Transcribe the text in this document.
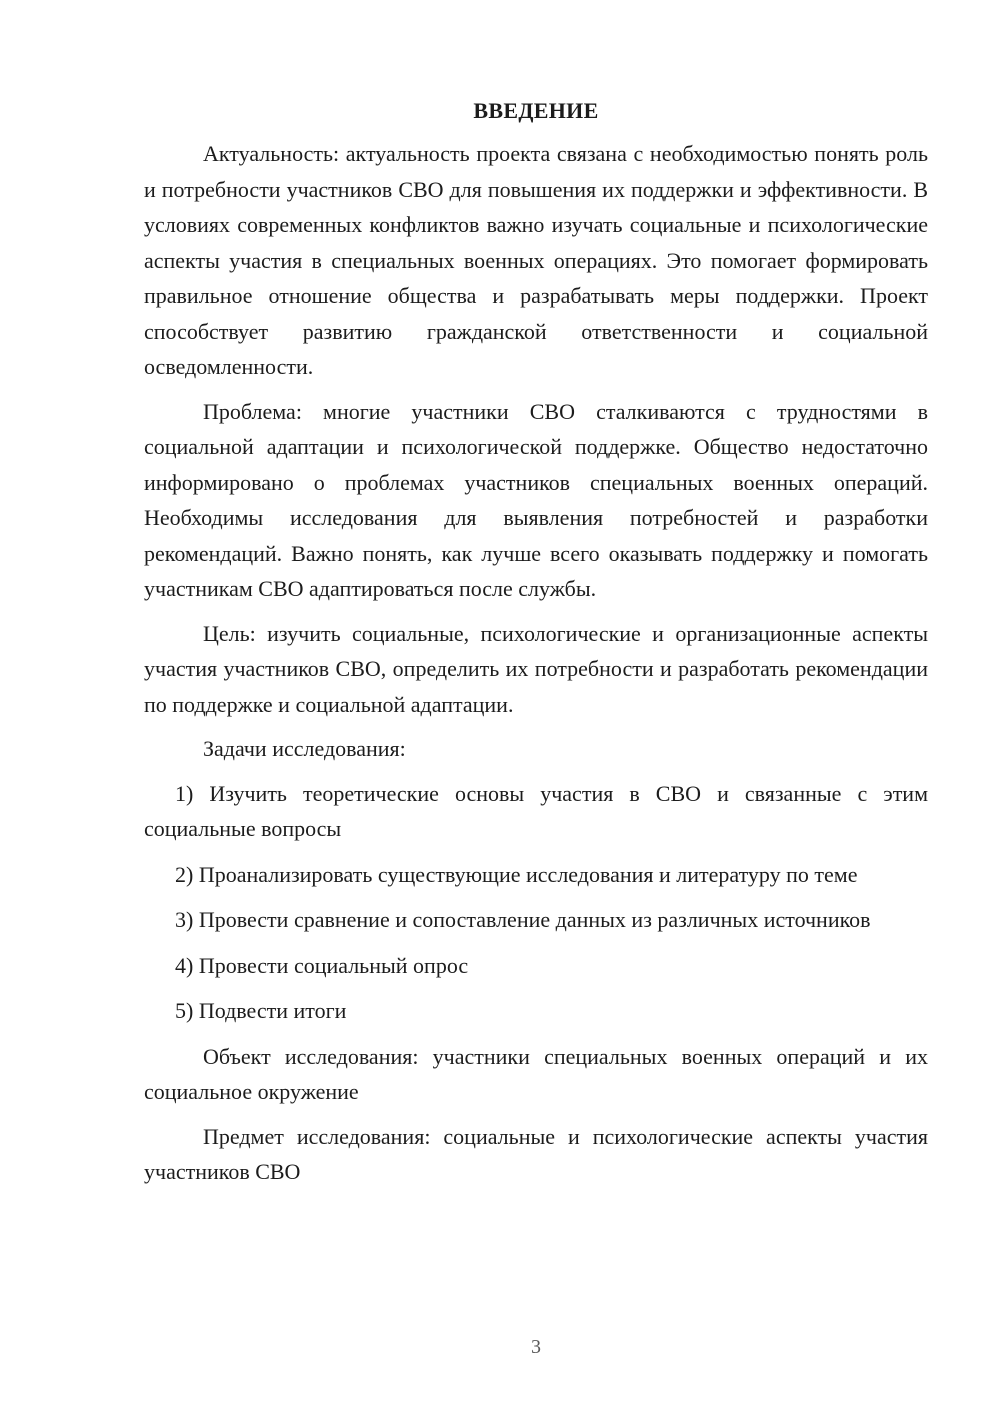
ВВЕДЕНИЕ

Актуальность: актуальность проекта связана с необходимостью понять роль и потребности участников СВО для повышения их поддержки и эффективности. В условиях современных конфликтов важно изучать социальные и психологические аспекты участия в специальных военных операциях. Это помогает формировать правильное отношение общества и разрабатывать меры поддержки. Проект способствует развитию гражданской ответственности и социальной осведомленности.

Проблема: многие участники СВО сталкиваются с трудностями в социальной адаптации и психологической поддержке. Общество недостаточно информировано о проблемах участников специальных военных операций. Необходимы исследования для выявления потребностей и разработки рекомендаций. Важно понять, как лучше всего оказывать поддержку и помогать участникам СВО адаптироваться после службы.

Цель: изучить социальные, психологические и организационные аспекты участия участников СВО, определить их потребности и разработать рекомендации по поддержке и социальной адаптации.

Задачи исследования:

1) Изучить теоретические основы участия в СВО и связанные с этим социальные вопросы

2) Проанализировать существующие исследования и литературу по теме

3) Провести сравнение и сопоставление данных из различных источников

4) Провести социальный опрос

5) Подвести итоги

Объект исследования: участники специальных военных операций и их социальное окружение

Предмет исследования: социальные и психологические аспекты участия участников СВО

3
